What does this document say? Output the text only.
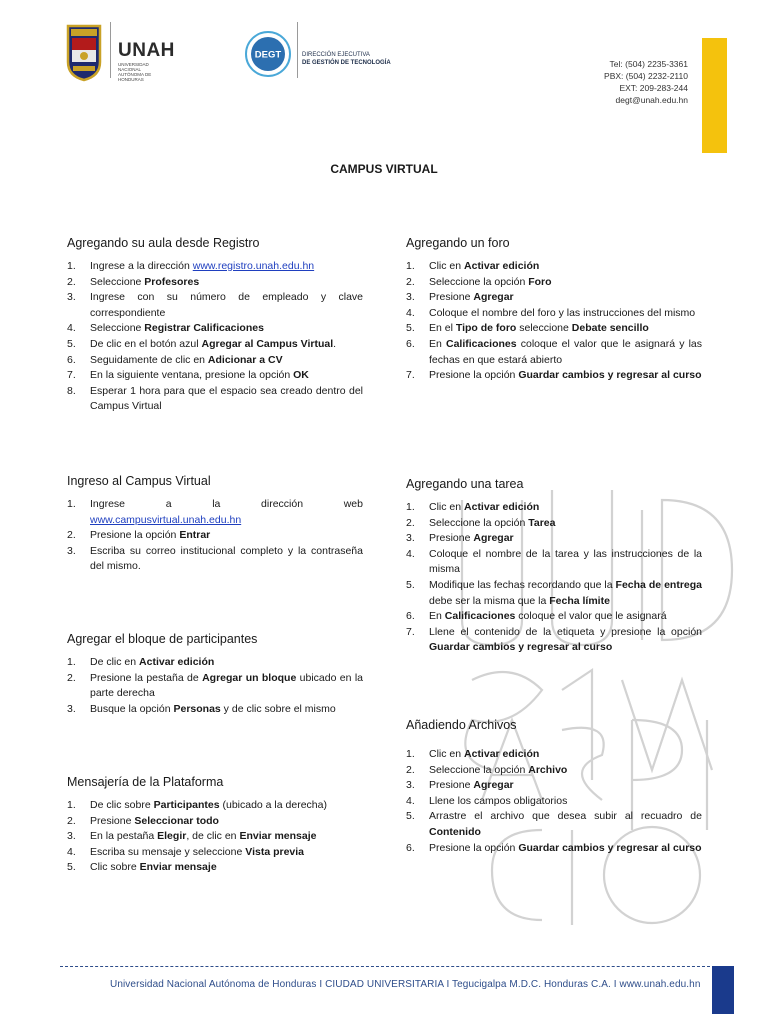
UNAH
UNIVERSIDAD NACIONAL
AUTÓNOMA DE HONDURAS
DEGT	DIRECCIÓN EJECUTIVA
DE GESTIÓN DE TECNOLOGÍA	Tel: (504) 2235-3361
PBX: (504) 2232-2110
EXT: 209-283-244
degt@unah.edu.hn
CAMPUS VIRTUAL
Agregando su aula desde Registro
1. Ingrese a la dirección www.registro.unah.edu.hn
2. Seleccione Profesores
3. Ingrese con su número de empleado y clave correspondiente
4. Seleccione Registrar Calificaciones
5. De clic en el botón azul Agregar al Campus Virtual.
6. Seguidamente de clic en Adicionar a CV
7. En la siguiente ventana, presione la opción OK
8. Esperar 1 hora para que el espacio sea creado dentro del Campus Virtual
Ingreso al Campus Virtual
1. Ingrese a la dirección web www.campusvirtual.unah.edu.hn
2. Presione la opción Entrar
3. Escriba su correo institucional completo y la contraseña del mismo.
Agregar el bloque de participantes
1. De clic en Activar edición
2. Presione la pestaña de Agregar un bloque ubicado en la parte derecha
3. Busque la opción Personas y de clic sobre el mismo
Mensajería de la Plataforma
1. De clic sobre Participantes (ubicado a la derecha)
2. Presione Seleccionar todo
3. En la pestaña Elegir, de clic en Enviar mensaje
4. Escriba su mensaje y seleccione Vista previa
5. Clic sobre Enviar mensaje
Agregando un foro
1. Clic en Activar edición
2. Seleccione la opción Foro
3. Presione Agregar
4. Coloque el nombre del foro y las instrucciones del mismo
5. En el Tipo de foro seleccione Debate sencillo
6. En Calificaciones coloque el valor que le asignará y las fechas en que estará abierto
7. Presione la opción Guardar cambios y regresar al curso
Agregando una tarea
1. Clic en Activar edición
2. Seleccione la opción Tarea
3. Presione Agregar
4. Coloque el nombre de la tarea y las instrucciones de la misma
5. Modifique las fechas recordando que la Fecha de entrega debe ser la misma que la Fecha límite
6. En Calificaciones coloque el valor que le asignará
7. Llene el contenido de la etiqueta y presione la opción Guardar cambios y regresar al curso
Añadiendo Archivos
1. Clic en Activar edición
2. Seleccione la opción Archivo
3. Presione Agregar
4. Llene los campos obligatorios
5. Arrastre el archivo que desea subir al recuadro de Contenido
6. Presione la opción Guardar cambios y regresar al curso
Universidad Nacional Autónoma de Honduras I CIUDAD UNIVERSITARIA I Tegucigalpa M.D.C. Honduras C.A. I www.unah.edu.hn
